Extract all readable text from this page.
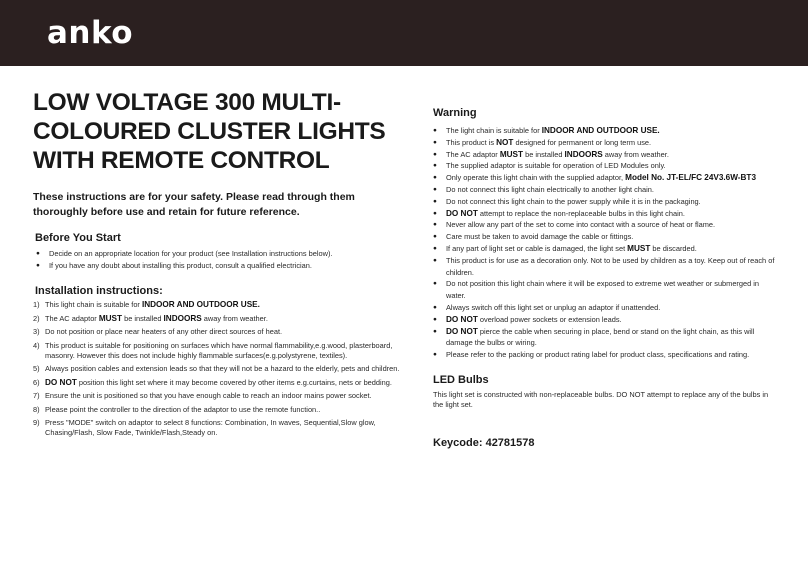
anko
LOW VOLTAGE 300 MULTI-COLOURED CLUSTER LIGHTS WITH REMOTE CONTROL
These instructions are for your safety. Please read through them thoroughly before use and retain for future reference.
Before You Start
● Decide on an appropriate location for your product (see Installation instructions below).
● If you have any doubt about installing this product, consult a qualified electrician.
Installation instructions:
1) This light chain is suitable for INDOOR AND OUTDOOR USE.
2) The AC adaptor MUST be installed INDOORS away from weather.
3) Do not position or place near heaters of any other direct sources of heat.
4) This product is suitable for positioning on surfaces which have normal flammability,e.g.wood, plasterboard, masonry. However this does not include highly flammable surfaces(e.g.polystyrene, textiles).
5) Always position cables and extension leads so that they will not be a hazard to the elderly, pets and children.
6) DO NOT position this light set where it may become covered by other items e.g.curtains, nets or bedding.
7) Ensure the unit is positioned so that you have enough cable to reach an indoor mains power socket.
8) Please point the controller to the direction of the adaptor to use the remote function..
9) Press "MODE" switch on adaptor to select 8 functions: Combination, In waves, Sequential,Slow glow, Chasing/Flash, Slow Fade, Twinkle/Flash,Steady on.
Warning
● The light chain is suitable for INDOOR AND OUTDOOR USE.
● This product is NOT designed for permanent or long term use.
● The AC adaptor MUST be installed INDOORS away from weather.
● The supplied adaptor is suitable for operation of LED Modules only.
● Only operate this light chain with the supplied adaptor, Model No. JT-EL/FC 24V3.6W-BT3
● Do not connect this light chain electrically to another light chain.
● Do not connect this light chain to the power supply while it is in the packaging.
● DO NOT attempt to replace the non-replaceable bulbs in this light chain.
● Never allow any part of the set to come into contact with a source of heat or flame.
● Care must be taken to avoid damage the cable or fittings.
● If any part of light set or cable is damaged, the light set MUST be discarded.
● This product is for use as a decoration only. Not to be used by children as a toy. Keep out of reach of children.
● Do not position this light chain where it will be exposed to extreme wet weather or submerged in water.
● Always switch off this light set or unplug an adaptor if unattended.
● DO NOT overload power sockets or extension leads.
● DO NOT pierce the cable when securing in place, bend or stand on the light chain, as this will damage the bulbs or wiring.
● Please refer to the packing or product rating label for product class, specifications and rating.
LED Bulbs
This light set is constructed with non-replaceable bulbs. DO NOT attempt to replace any of the bulbs in the light set.
Keycode: 42781578
